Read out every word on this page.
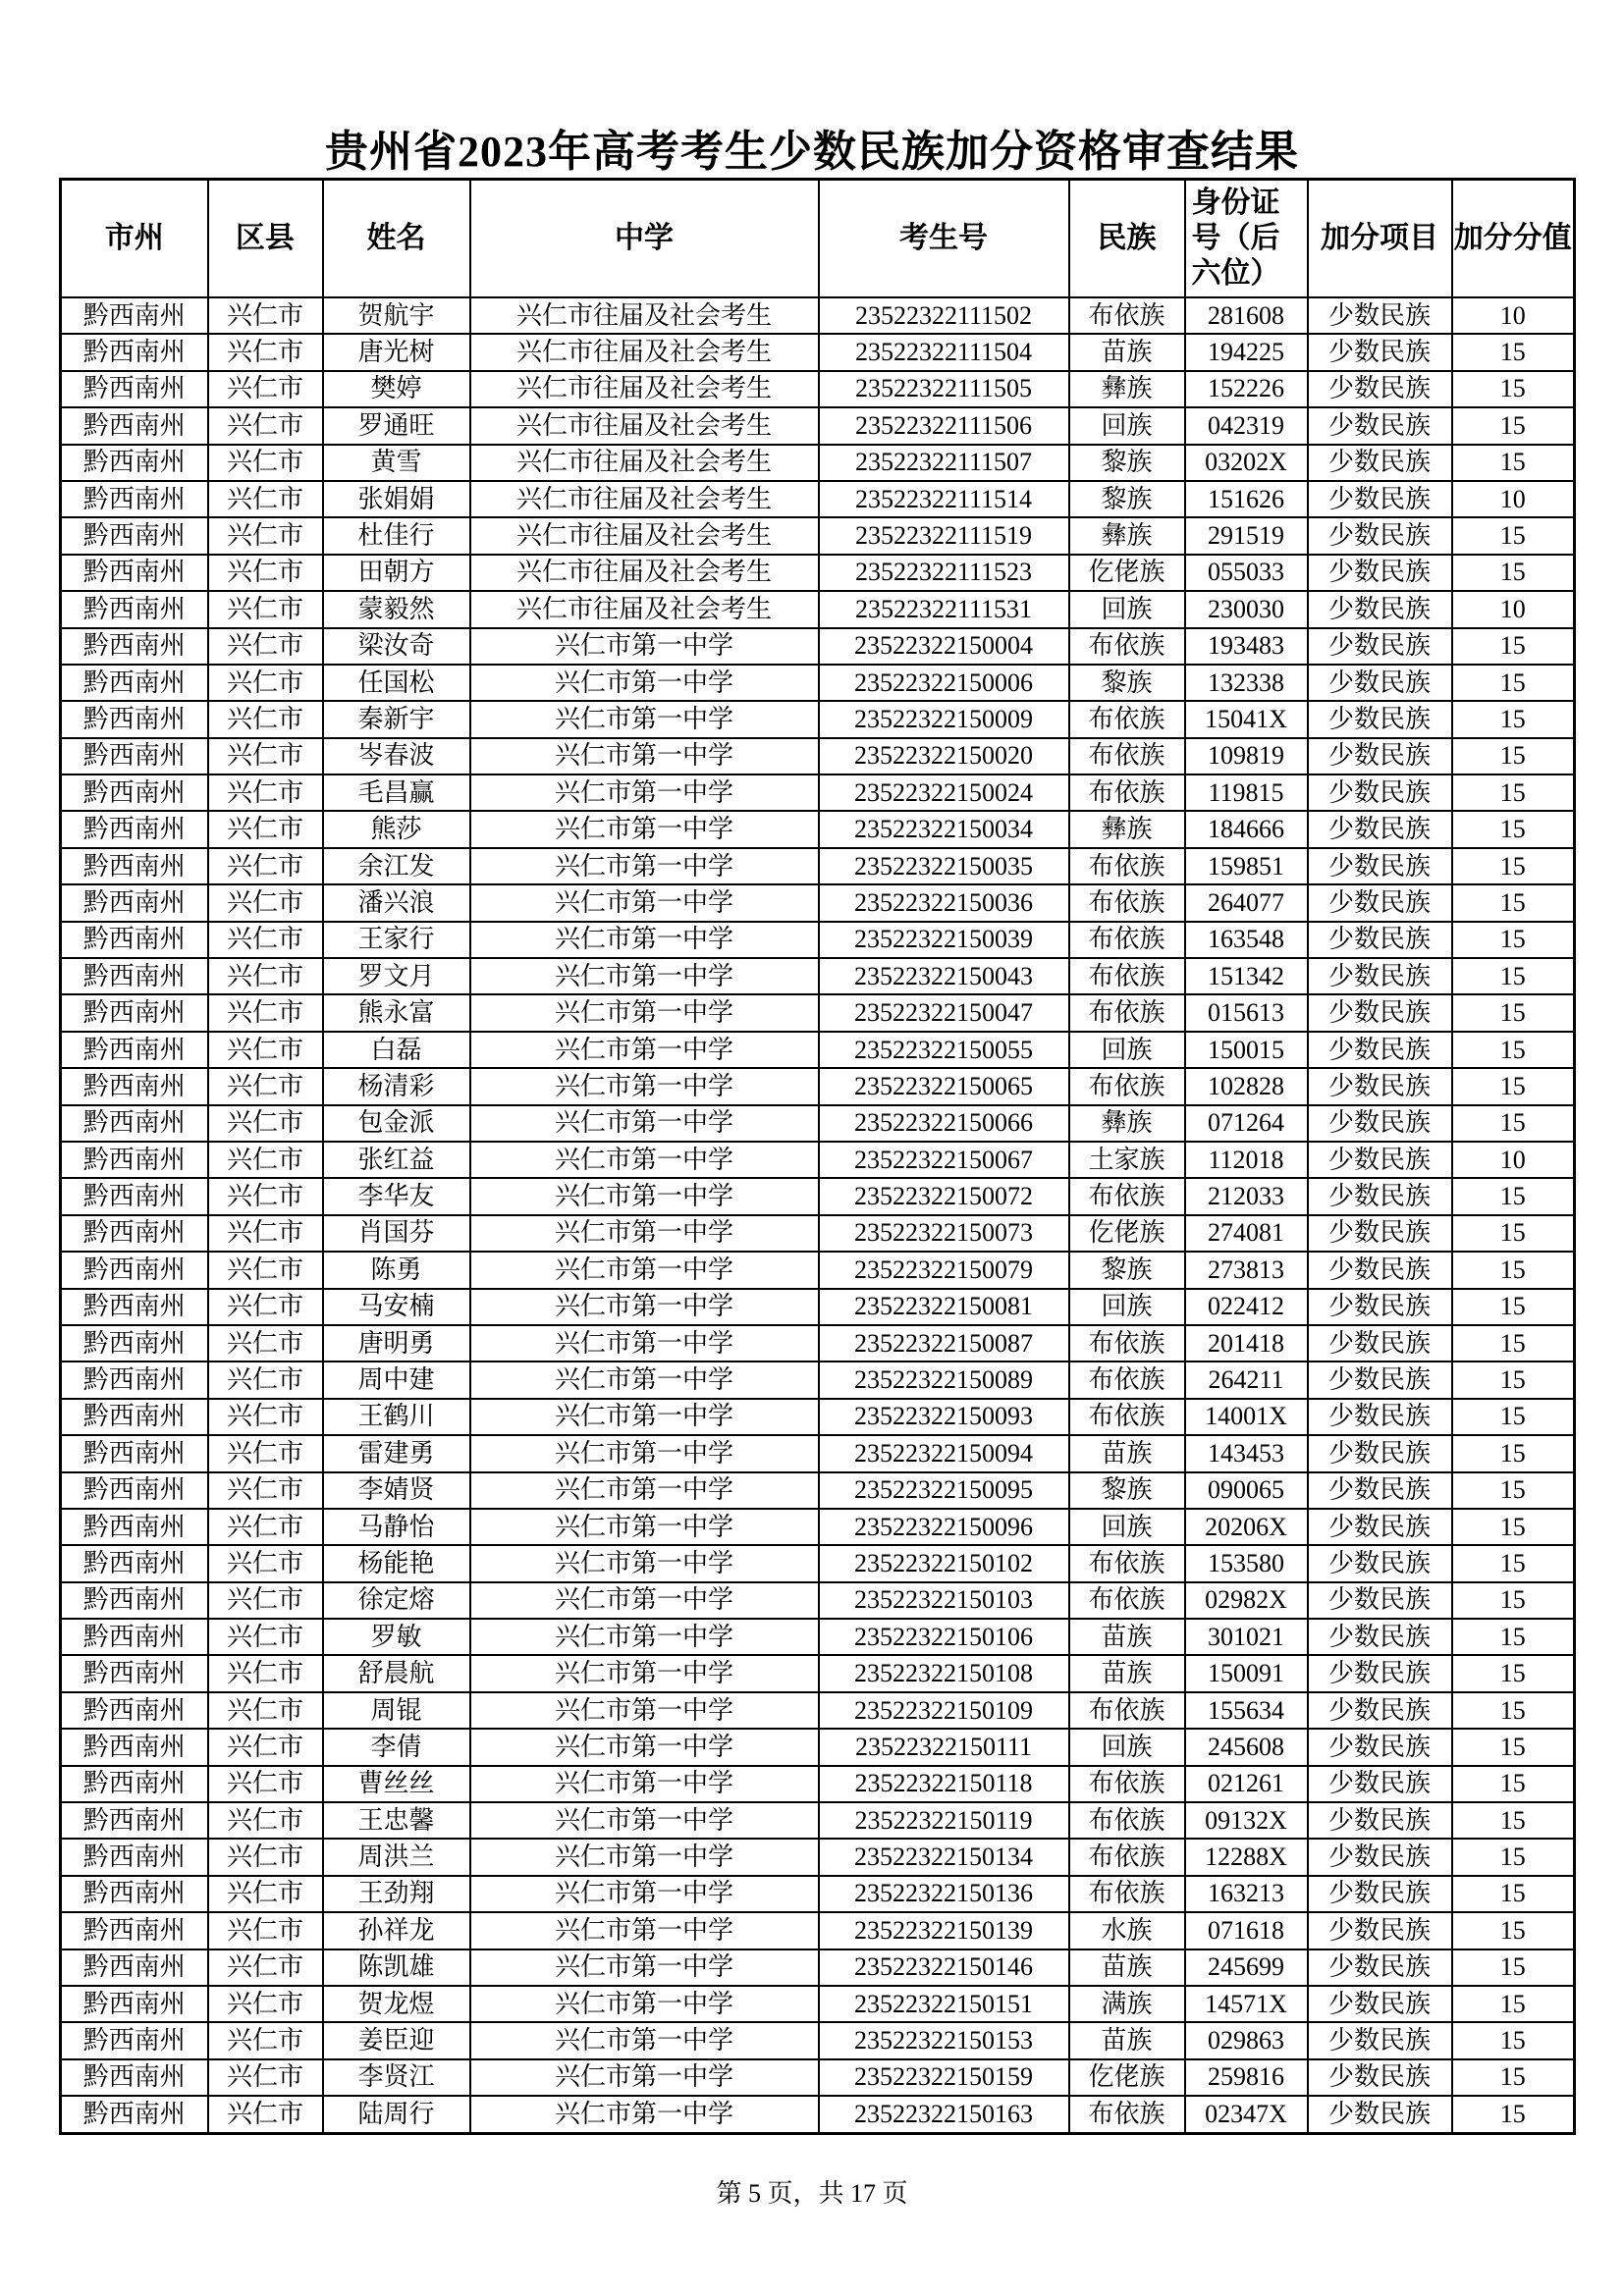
贵州省2023年高考考生少数民族加分资格审查结果
市州	区县	姓名	中学	考生号	民族	身份证号（后六位）	加分项目	加分分值
黔西南州	兴仁市	贺航宇	兴仁市往届及社会考生	23522322111502	布依族	281608	少数民族	10
黔西南州	兴仁市	唐光树	兴仁市往届及社会考生	23522322111504	苗族	194225	少数民族	15
黔西南州	兴仁市	樊婷	兴仁市往届及社会考生	23522322111505	彝族	152226	少数民族	15
黔西南州	兴仁市	罗通旺	兴仁市往届及社会考生	23522322111506	回族	042319	少数民族	15
黔西南州	兴仁市	黄雪	兴仁市往届及社会考生	23522322111507	黎族	03202X	少数民族	15
黔西南州	兴仁市	张娟娟	兴仁市往届及社会考生	23522322111514	黎族	151626	少数民族	10
黔西南州	兴仁市	杜佳行	兴仁市往届及社会考生	23522322111519	彝族	291519	少数民族	15
黔西南州	兴仁市	田朝方	兴仁市往届及社会考生	23522322111523	仡佬族	055033	少数民族	15
黔西南州	兴仁市	蒙毅然	兴仁市往届及社会考生	23522322111531	回族	230030	少数民族	10
黔西南州	兴仁市	梁汝奇	兴仁市第一中学	23522322150004	布依族	193483	少数民族	15
黔西南州	兴仁市	任国松	兴仁市第一中学	23522322150006	黎族	132338	少数民族	15
黔西南州	兴仁市	秦新宇	兴仁市第一中学	23522322150009	布依族	15041X	少数民族	15
黔西南州	兴仁市	岑春波	兴仁市第一中学	23522322150020	布依族	109819	少数民族	15
黔西南州	兴仁市	毛昌赢	兴仁市第一中学	23522322150024	布依族	119815	少数民族	15
黔西南州	兴仁市	熊莎	兴仁市第一中学	23522322150034	彝族	184666	少数民族	15
黔西南州	兴仁市	余江发	兴仁市第一中学	23522322150035	布依族	159851	少数民族	15
黔西南州	兴仁市	潘兴浪	兴仁市第一中学	23522322150036	布依族	264077	少数民族	15
黔西南州	兴仁市	王家行	兴仁市第一中学	23522322150039	布依族	163548	少数民族	15
黔西南州	兴仁市	罗文月	兴仁市第一中学	23522322150043	布依族	151342	少数民族	15
黔西南州	兴仁市	熊永富	兴仁市第一中学	23522322150047	布依族	015613	少数民族	15
黔西南州	兴仁市	白磊	兴仁市第一中学	23522322150055	回族	150015	少数民族	15
黔西南州	兴仁市	杨清彩	兴仁市第一中学	23522322150065	布依族	102828	少数民族	15
黔西南州	兴仁市	包金派	兴仁市第一中学	23522322150066	彝族	071264	少数民族	15
黔西南州	兴仁市	张红益	兴仁市第一中学	23522322150067	土家族	112018	少数民族	10
黔西南州	兴仁市	李华友	兴仁市第一中学	23522322150072	布依族	212033	少数民族	15
黔西南州	兴仁市	肖国芬	兴仁市第一中学	23522322150073	仡佬族	274081	少数民族	15
黔西南州	兴仁市	陈勇	兴仁市第一中学	23522322150079	黎族	273813	少数民族	15
黔西南州	兴仁市	马安楠	兴仁市第一中学	23522322150081	回族	022412	少数民族	15
黔西南州	兴仁市	唐明勇	兴仁市第一中学	23522322150087	布依族	201418	少数民族	15
黔西南州	兴仁市	周中建	兴仁市第一中学	23522322150089	布依族	264211	少数民族	15
黔西南州	兴仁市	王鹤川	兴仁市第一中学	23522322150093	布依族	14001X	少数民族	15
黔西南州	兴仁市	雷建勇	兴仁市第一中学	23522322150094	苗族	143453	少数民族	15
黔西南州	兴仁市	李婧贤	兴仁市第一中学	23522322150095	黎族	090065	少数民族	15
黔西南州	兴仁市	马静怡	兴仁市第一中学	23522322150096	回族	20206X	少数民族	15
黔西南州	兴仁市	杨能艳	兴仁市第一中学	23522322150102	布依族	153580	少数民族	15
黔西南州	兴仁市	徐定熔	兴仁市第一中学	23522322150103	布依族	02982X	少数民族	15
黔西南州	兴仁市	罗敏	兴仁市第一中学	23522322150106	苗族	301021	少数民族	15
黔西南州	兴仁市	舒晨航	兴仁市第一中学	23522322150108	苗族	150091	少数民族	15
黔西南州	兴仁市	周锟	兴仁市第一中学	23522322150109	布依族	155634	少数民族	15
黔西南州	兴仁市	李倩	兴仁市第一中学	23522322150111	回族	245608	少数民族	15
黔西南州	兴仁市	曹丝丝	兴仁市第一中学	23522322150118	布依族	021261	少数民族	15
黔西南州	兴仁市	王忠馨	兴仁市第一中学	23522322150119	布依族	09132X	少数民族	15
黔西南州	兴仁市	周洪兰	兴仁市第一中学	23522322150134	布依族	12288X	少数民族	15
黔西南州	兴仁市	王劲翔	兴仁市第一中学	23522322150136	布依族	163213	少数民族	15
黔西南州	兴仁市	孙祥龙	兴仁市第一中学	23522322150139	水族	071618	少数民族	15
黔西南州	兴仁市	陈凯雄	兴仁市第一中学	23522322150146	苗族	245699	少数民族	15
黔西南州	兴仁市	贺龙煜	兴仁市第一中学	23522322150151	满族	14571X	少数民族	15
黔西南州	兴仁市	姜臣迎	兴仁市第一中学	23522322150153	苗族	029863	少数民族	15
黔西南州	兴仁市	李贤江	兴仁市第一中学	23522322150159	仡佬族	259816	少数民族	15
黔西南州	兴仁市	陆周行	兴仁市第一中学	23522322150163	布依族	02347X	少数民族	15
第 5 页，共 17 页
